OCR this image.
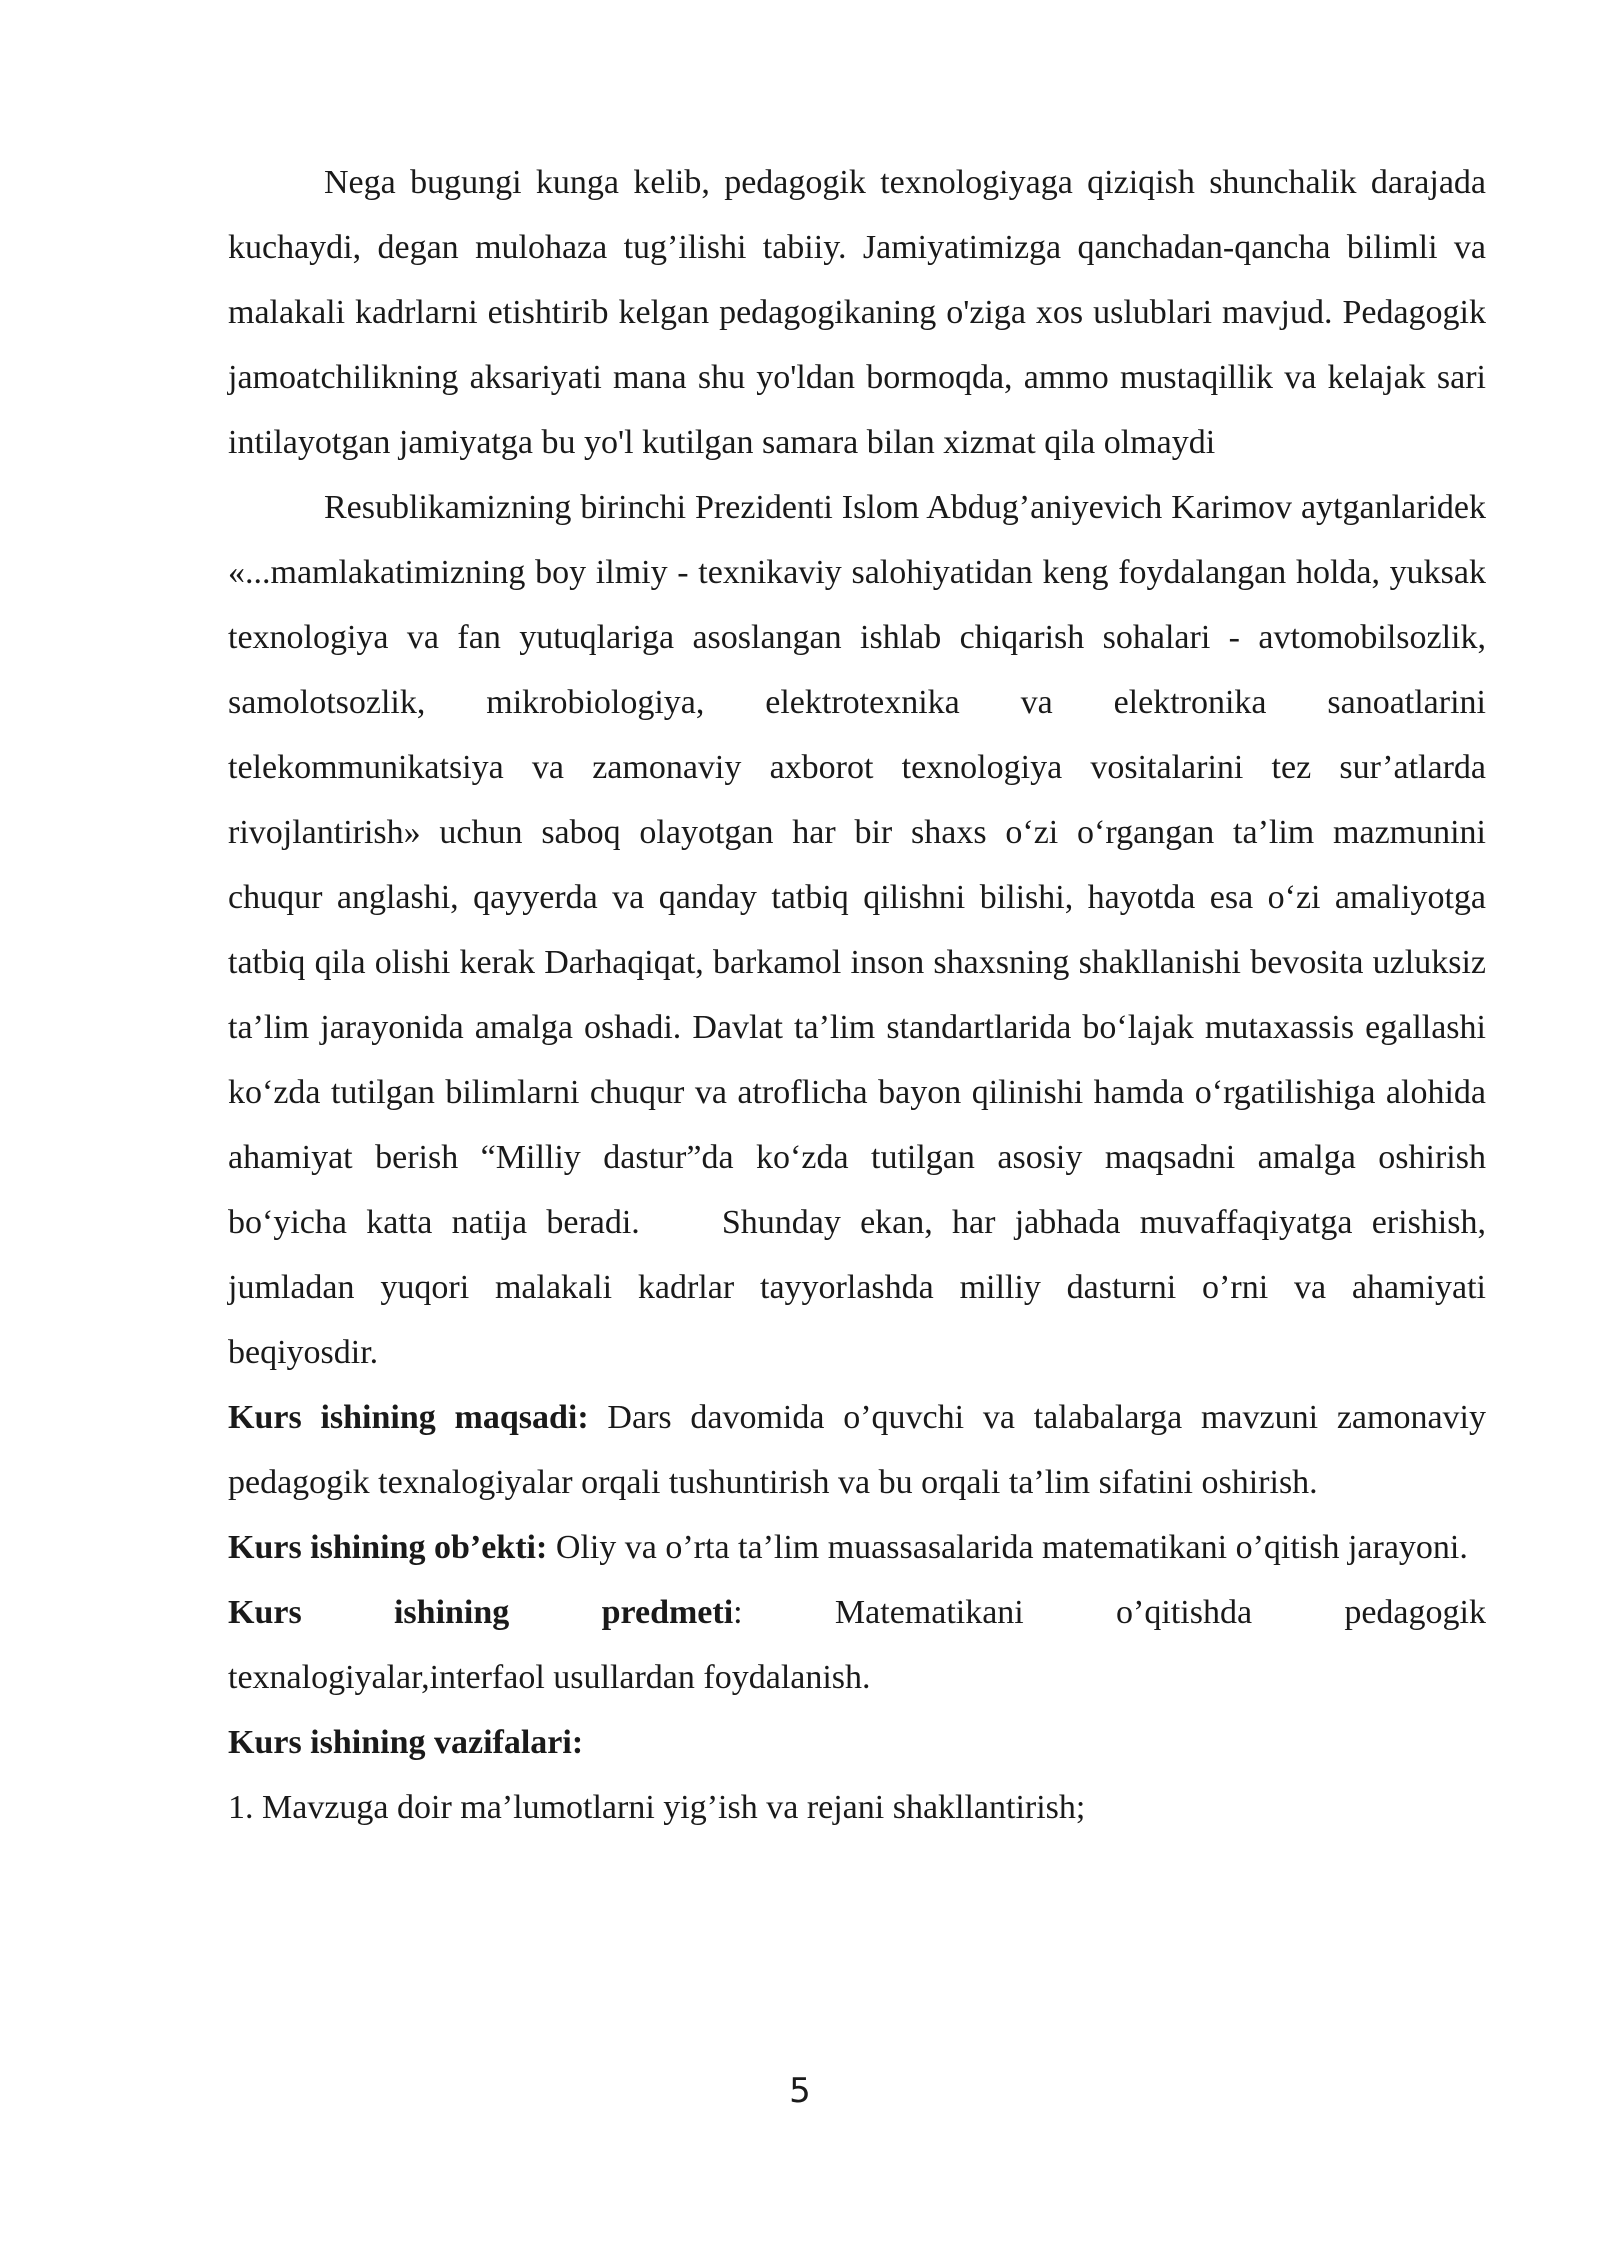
Nega bugungi kunga kelib, pedagogik texnologiyaga qiziqish shunchalik darajada kuchaydi, degan mulohaza tug’ilishi tabiiy. Jamiyatimizga qanchadan-qancha bilimli va malakali kadrlarni etishtirib kelgan pedagogikaning o'ziga xos uslublari mavjud. Pedagogik jamoatchilikning aksariyati mana shu yo'ldan bormoqda, ammo mustaqillik va kelajak sari intilayotgan jamiyatga bu yo'l kutilgan samara bilan xizmat qila olmaydi

Resublikamizning birinchi Prezidenti Islom Abdug’aniyevich Karimov aytganlaridek «...mamlakatimizning boy ilmiy - texnikaviy salohiyatidan keng foydalangan holda, yuksak texnologiya va fan yutuqlariga asoslangan ishlab chiqarish sohalari - avtomobilsozlik, samolotsozlik, mikrobiologiya, elektrotexnika va elektronika sanoatlarini telekommunikatsiya va zamonaviy axborot texnologiya vositalarini tez sur’atlarda rivojlantirish» uchun saboq olayotgan har bir shaxs o‘zi o‘rgangan ta’lim mazmunini chuqur anglashi, qayyerda va qanday tatbiq qilishni bilishi, hayotda esa o‘zi amaliyotga tatbiq qila olishi kerak Darhaqiqat, barkamol inson shaxsning shakllanishi bevosita uzluksiz ta’lim jarayonida amalga oshadi. Davlat ta’lim standartlarida bo‘lajak mutaxassis egallashi ko‘zda tutilgan bilimlarni chuqur va atroflicha bayon qilinishi hamda o‘rgatilishiga alohida ahamiyat berish “Milliy dastur”da ko‘zda tutilgan asosiy maqsadni amalga oshirish bo‘yicha katta natija beradi. Shunday ekan, har jabhada muvaffaqiyatga erishish, jumladan yuqori malakali kadrlar tayyorlashda milliy dasturni o’rni va ahamiyati beqiyosdir.

Kurs ishining maqsadi: Dars davomida o’quvchi va talabalarga mavzuni zamonaviy pedagogik texnalogiyalar orqali tushuntirish va bu orqali ta’lim sifatini oshirish.

Kurs ishining ob’ekti: Oliy va o’rta ta’lim muassasalarida matematikani o’qitish jarayoni.

Kurs	ishining	predmeti:	Matematikani	o’qitishda	pedagogik

texnalogiyalar,interfaol usullardan foydalanish.

Kurs ishining vazifalari:

1. Mavzuga doir ma’lumotlarni yig’ish va rejani shakllantirish;

5
